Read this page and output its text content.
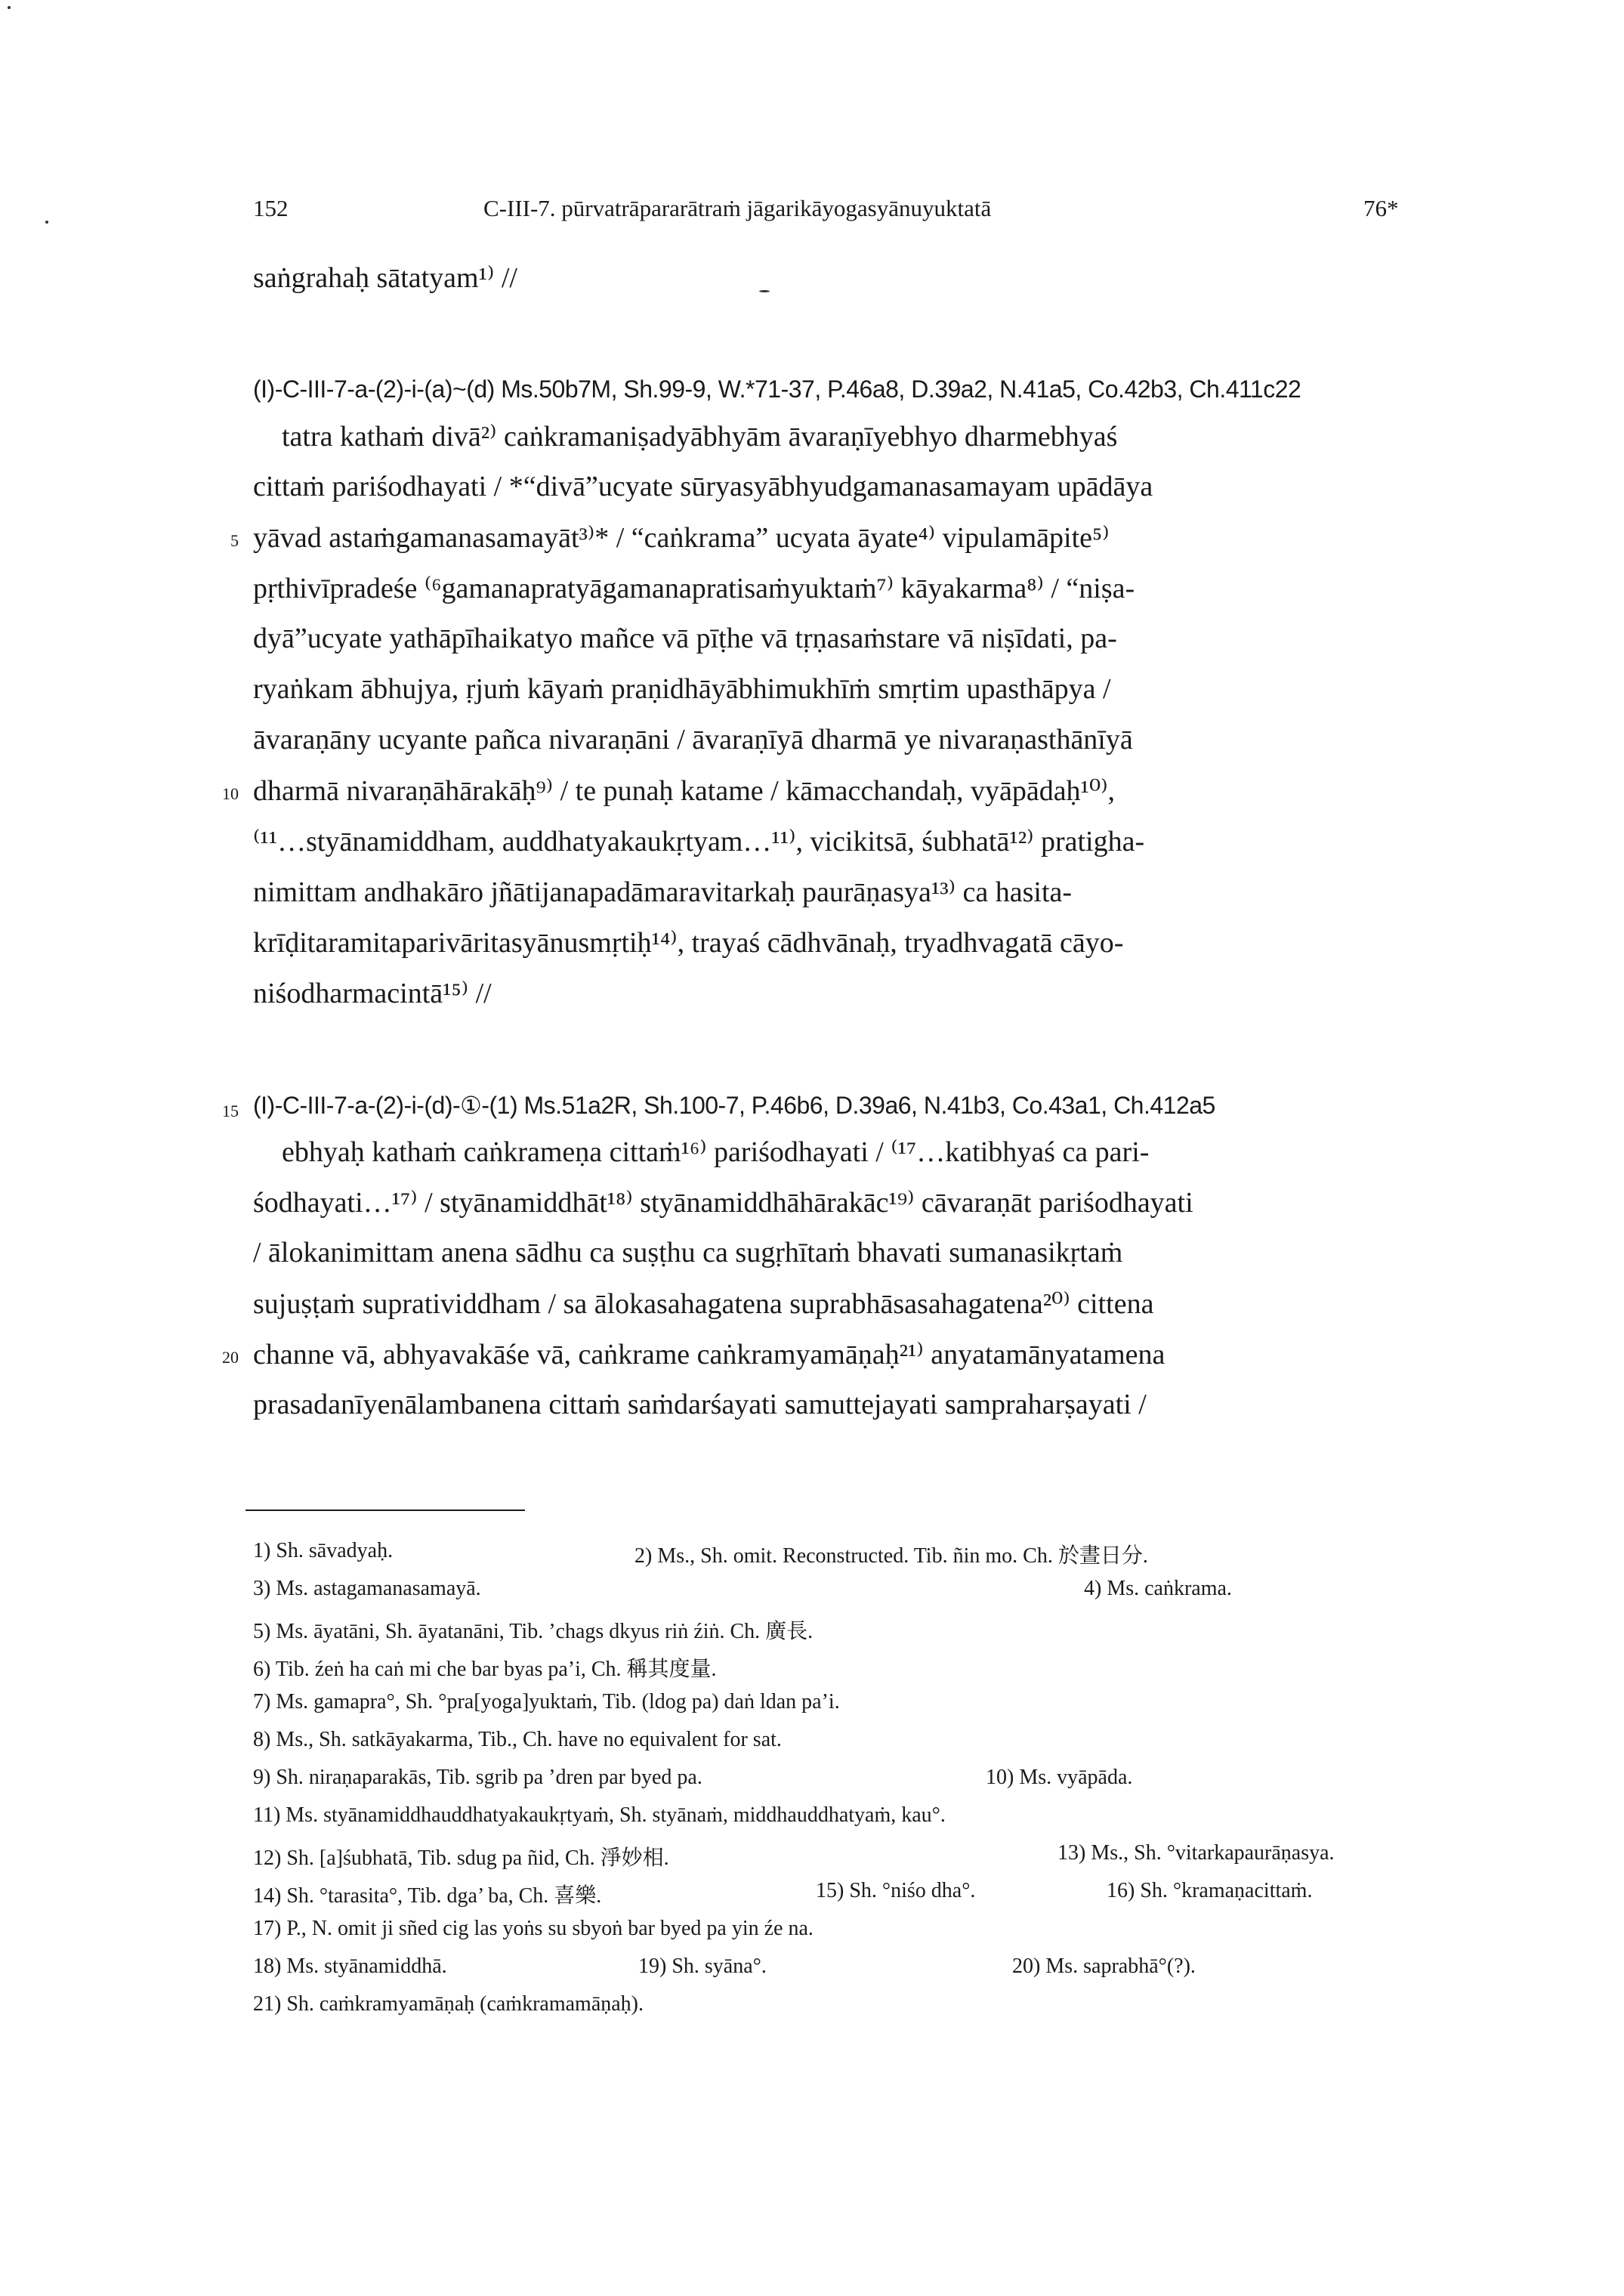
152	C-III-7. pūrvatrāpararātraṁ jāgarikāyogasyānuyuktatā	76*
saṅgrahaḥ sātatyam¹⁾ //
(I)-C-III-7-a-(2)-i-(a)~(d) Ms.50b7M, Sh.99-9, W.*71-37, P.46a8, D.39a2, N.41a5, Co.42b3, Ch.411c22
tatra kathaṁ divā²⁾ caṅkramaniṣadyābhyām āvaraṇīyebhyo dharmebhyaś
cittaṁ pariśodhayati / *“divā”ucyate sūryasyābhyudgamanasamayam upādāya
yāvad astaṁgamanasamayāt³⁾* / “caṅkrama” ucyata āyate⁴⁾ vipulamāpite⁵⁾
pṛthivīpradeśe ⁽⁶gamanapratyāgamanapratisaṁyuktaṁ⁷⁾ kāyakarma⁸⁾ / “niṣa-
dyā”ucyate yathāpīhaikatyo mañce vā pīṭhe vā tṛṇasaṁstare vā niṣīdati, pa-
ryaṅkam ābhujya, ṛjuṁ kāyaṁ praṇidhāyābhimukhīṁ smṛtim upasthāpya /
āvaraṇāny ucyante pañca nivaraṇāni / āvaraṇīyā dharmā ye nivaraṇasthānīyā
dharmā nivaraṇāhārakāḥ⁹⁾ / te punaḥ katame / kāmacchandaḥ, vyāpādaḥ¹⁰⁾,
⁽¹¹…styānamiddham, auddhatyakaukṛtyam…¹¹⁾, vicikitsā, śubhatā¹²⁾ pratigha-
nimittam andhakāro jñātijanapadāmaravitarkaḥ paurāṇasya¹³⁾ ca hasita-
krīḍitaramitaparivāritasyānusmṛtiḥ¹⁴⁾, trayaś cādhvānaḥ, tryadhvagatā cāyo-
niśodharmacintā¹⁵⁾ //
(I)-C-III-7-a-(2)-i-(d)-①-(1) Ms.51a2R, Sh.100-7, P.46b6, D.39a6, N.41b3, Co.43a1, Ch.412a5
ebhyaḥ kathaṁ caṅkrameṇa cittaṁ¹⁶⁾ pariśodhayati / ⁽¹⁷…katibhyaś ca pari-
śodhayati…¹⁷⁾ / styānamiddhāt¹⁸⁾ styānamiddhāhārakāc¹⁹⁾ cāvaraṇāt pariśodhayati
/ ālokanimittam anena sādhu ca suṣṭhu ca sugṛhītaṁ bhavati sumanasikṛtaṁ
sujuṣṭaṁ supratividdham / sa ālokasahagatena suprabhāsasahagatena²⁰⁾ cittena
channe vā, abhyavakāśe vā, caṅkrame caṅkramyamāṇaḥ²¹⁾ anyatamānyatamena
prasadanīyenālambanena cittaṁ saṁdarśayati samuttejayati sampraharṣayati /
5
10
15
20
1) Sh. sāvadyaḥ.	2) Ms., Sh. omit. Reconstructed. Tib. ñin mo. Ch. 於晝日分.
3) Ms. astagamanasamayā.	4) Ms. caṅkrama.
5) Ms. āyatāni, Sh. āyatanāni, Tib. ’chags dkyus riṅ źiṅ. Ch. 廣長.
6) Tib. źeṅ ha caṅ mi che bar byas pa’i, Ch. 稱其度量.
7) Ms. gamapra°, Sh. °pra[yoga]yuktaṁ, Tib. (ldog pa) daṅ ldan pa’i.
8) Ms., Sh. satkāyakarma, Tib., Ch. have no equivalent for sat.
9) Sh. niraṇaparakās, Tib. sgrib pa ’dren par byed pa.	10) Ms. vyāpāda.
11) Ms. styānamiddhauddhatyakaukṛtyaṁ, Sh. styānaṁ, middhauddhatyaṁ, kau°.
12) Sh. [a]śubhatā, Tib. sdug pa ñid, Ch. 淨妙相.	13) Ms., Sh. °vitarkapaurāṇasya.
14) Sh. °tarasita°, Tib. dga’ ba, Ch. 喜樂.	15) Sh. °niśo dha°.	16) Sh. °kramaṇacittaṁ.
17) P., N. omit ji sñed cig las yoṅs su sbyoṅ bar byed pa yin źe na.
18) Ms. styānamiddhā.	19) Sh. syāna°.	20) Ms. saprabhā°(?).
21) Sh. caṁkramyamāṇaḥ (caṁkramamāṇaḥ).
